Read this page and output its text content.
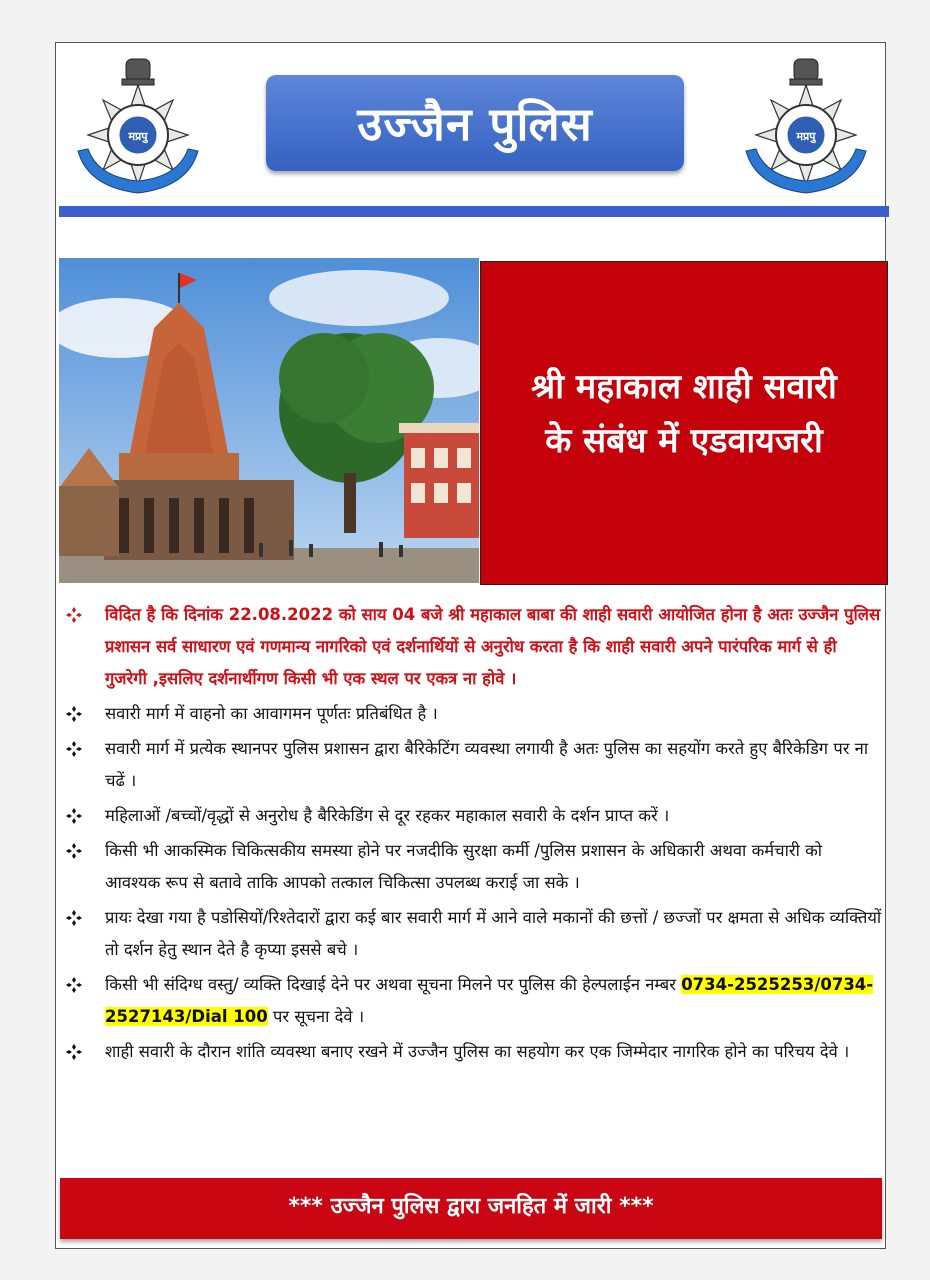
मप्रपु	उज्जैन पुलिस	मप्रपु
श्री महाकाल शाही सवारी
के संबंध में एडवायजरी
विदित है कि दिनांक 22.08.2022 को साय 04 बजे श्री महाकाल बाबा की शाही सवारी आयोजित होना है अतः उज्जैन पुलिस प्रशासन सर्व साधारण एवं गणमान्य नागरिको एवं दर्शनार्थियों से अनुरोध करता है कि शाही सवारी अपने पारंपरिक मार्ग से ही गुजरेगी ,इसलिए दर्शनार्थीगण किसी भी एक स्थल पर एकत्र ना होवे ।
सवारी मार्ग में वाहनो का आवागमन पूर्णतः प्रतिबंधित है ।
सवारी मार्ग में प्रत्येक स्थानपर पुलिस प्रशासन द्वारा बैरिकेटिंग व्यवस्था लगायी है अतः पुलिस का सहयोंग करते हुए बैरिकेडिग पर ना चढें ।
महिलाओं /बच्चों/वृद्धों से अनुरोध है बैरिकेडिंग से दूर रहकर महाकाल सवारी के दर्शन प्राप्त करें ।
किसी भी आकस्मिक चिकित्सकीय समस्या होने पर नजदीकि सुरक्षा कर्मी /पुलिस प्रशासन के अधिकारी अथवा कर्मचारी को आवश्यक रूप से बतावे ताकि आपको तत्काल चिकित्सा उपलब्ध कराई जा सके ।
प्रायः देखा गया है पडोसियों/रिश्तेदारों द्वारा कई बार सवारी मार्ग में आने वाले मकानों की छत्तों / छज्जों पर क्षमता से अधिक व्यक्तियों तो दर्शन हेतु स्थान देते है कृप्या इससे बचे ।
किसी भी संदिग्ध वस्तु/ व्यक्ति दिखाई देने पर अथवा सूचना मिलने पर पुलिस की हेल्पलाईन नम्बर 0734-2525253/0734-2527143/Dial 100 पर सूचना देवे ।
शाही सवारी के दौरान शांति व्यवस्था बनाए रखने में उज्जैन पुलिस का सहयोग कर एक जिम्मेदार नागरिक होने का परिचय देवे ।
*** उज्जैन पुलिस द्वारा जनहित में जारी ***
